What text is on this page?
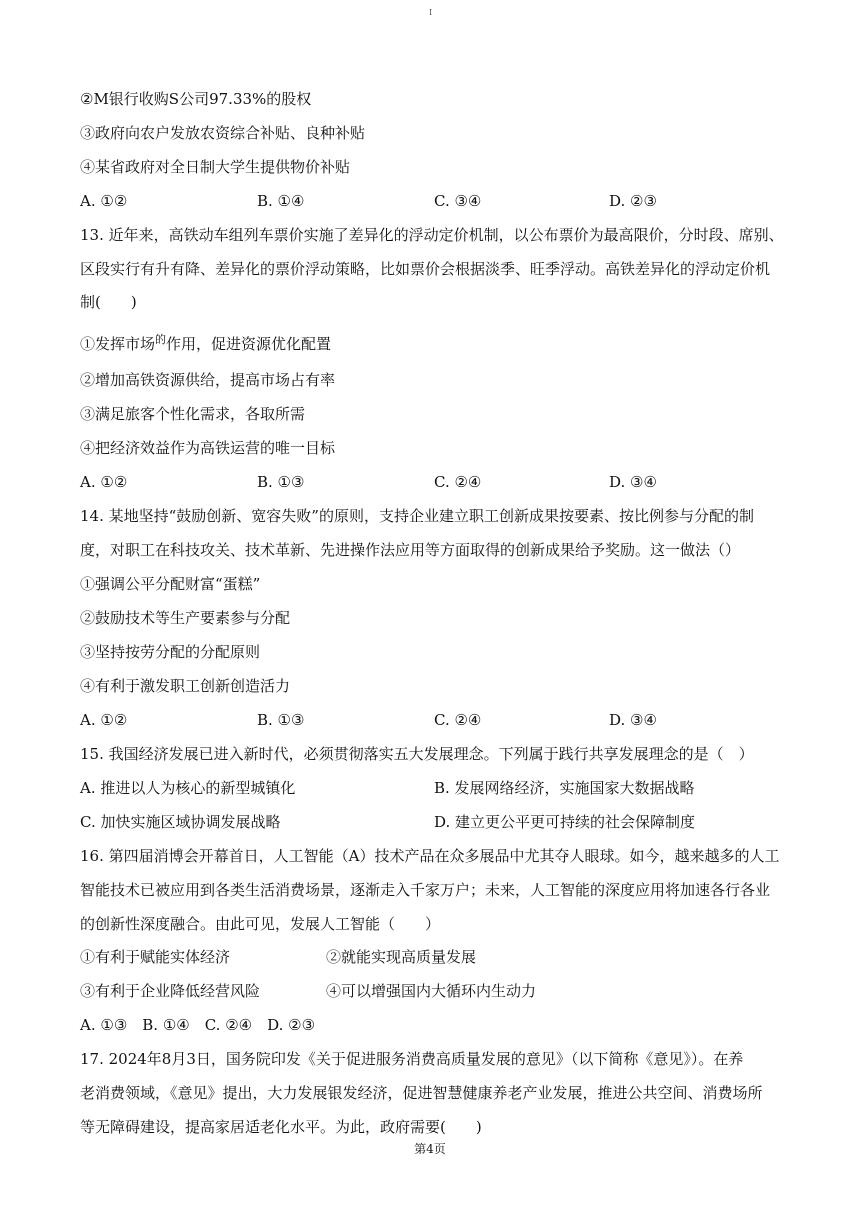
I
②M银行收购S公司97.33%的股权
③政府向农户发放农资综合补贴、良种补贴
④某省政府对全日制大学生提供物价补贴
A. ①②	B. ①④	C. ③④	D. ②③
13. 近年来，高铁动车组列车票价实施了差异化的浮动定价机制，以公布票价为最高限价，分时段、席别、
区段实行有升有降、差异化的票价浮动策略，比如票价会根据淡季、旺季浮动。高铁差异化的浮动定价机
制(　　)
①发挥市场$^的$作用，促进资源优化配置
②增加高铁资源供给，提高市场占有率
③满足旅客个性化需求，各取所需
④把经济效益作为高铁运营的唯一目标
A. ①②	B. ①③	C. ②④	D. ③④
14. 某地坚持“鼓励创新、宽容失败”的原则，支持企业建立职工创新成果按要素、按比例参与分配的制
度，对职工在科技攻关、技术革新、先进操作法应用等方面取得的创新成果给予奖励。这一做法（）
①强调公平分配财富“蛋糕”
②鼓励技术等生产要素参与分配
③坚持按劳分配的分配原则
④有利于激发职工创新创造活力
A. ①②	B. ①③	C. ②④	D. ③④
15. 我国经济发展已进入新时代，必须贯彻落实五大发展理念。下列属于践行共享发展理念的是（　）
A. 推进以人为核心的新型城镇化	B. 发展网络经济，实施国家大数据战略
C. 加快实施区域协调发展战略	D. 建立更公平更可持续的社会保障制度
16. 第四届消博会开幕首日，人工智能（A）技术产品在众多展品中尤其夺人眼球。如今，越来越多的人工
智能技术已被应用到各类生活消费场景，逐渐走入千家万户；未来，人工智能的深度应用将加速各行各业
的创新性深度融合。由此可见，发展人工智能（　　）
①有利于赋能实体经济	②就能实现高质量发展
③有利于企业降低经营风险	④可以增强国内大循环内生动力
A. ①③　B. ①④　C. ②④　D. ②③
17. 2024年8月3日，国务院印发《关于促进服务消费高质量发展的意见》（以下简称《意见》）。在养
老消费领域，《意见》提出，大力发展银发经济，促进智慧健康养老产业发展，推进公共空间、消费场所
等无障碍建设，提高家居适老化水平。为此，政府需要(　　)
第4页
